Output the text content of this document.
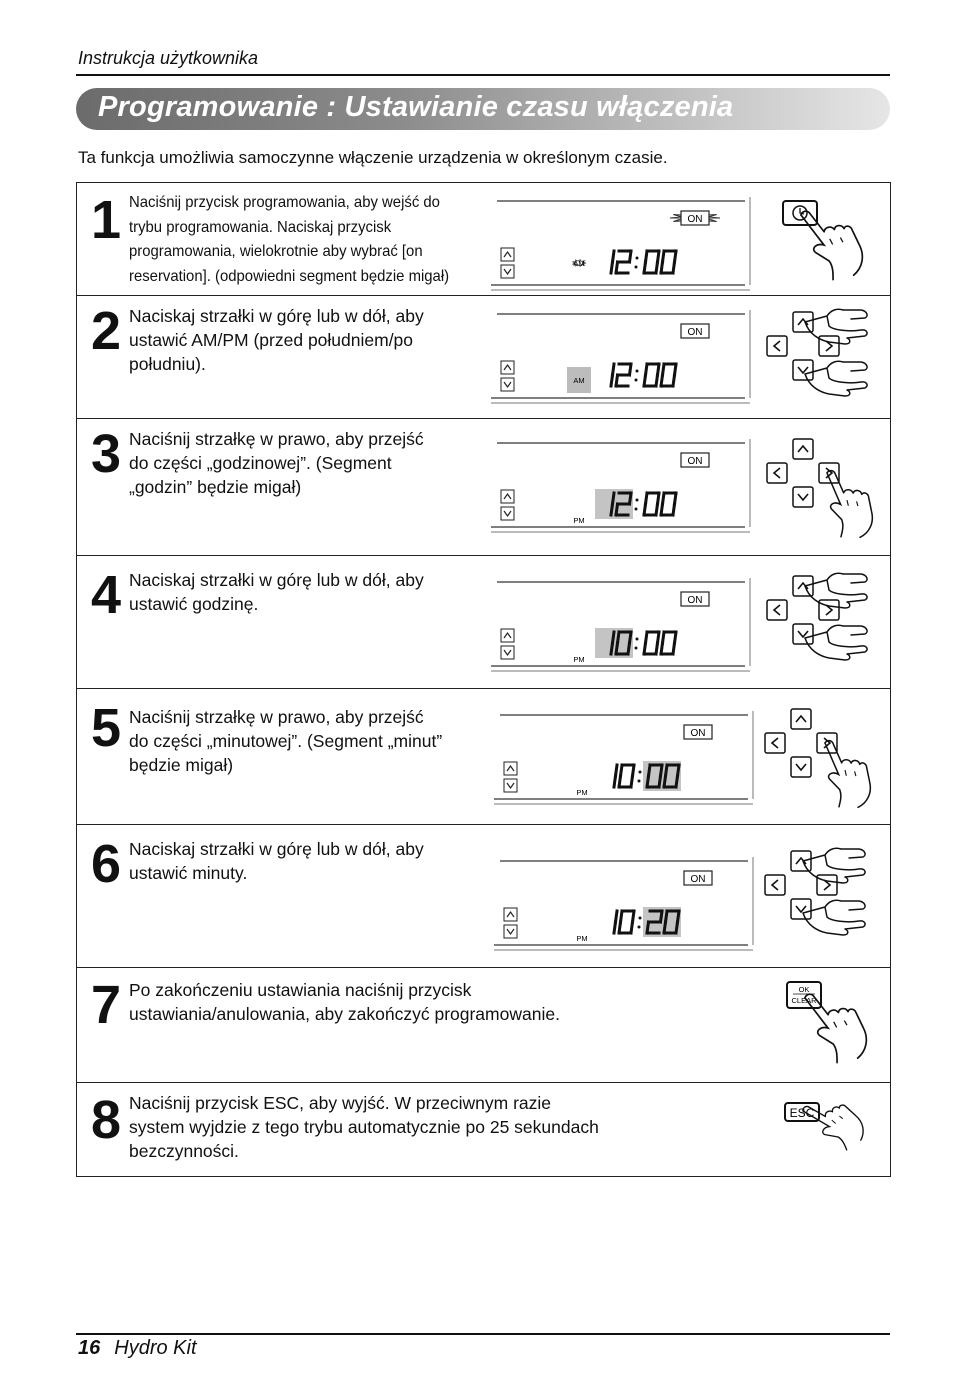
Instrukcja użytkownika
Programowanie : Ustawianie czasu włączenia
Ta funkcja umożliwia samoczynne włączenie urządzenia w określonym czasie.
1 Naciśnij przycisk programowania, aby wejść do
trybu programowania. Naciskaj przycisk
programowania, wielokrotnie aby wybrać [on
reservation]. (odpowiedni segment będzie migał)
ON
AM
2 Naciskaj strzałki w górę lub w dół, aby
ustawić AM/PM (przed południem/po
południu).
ON
AM
3 Naciśnij strzałkę w prawo, aby przejść
do części „godzinowej”. (Segment
„godzin” będzie migał)
ON
PM
4 Naciskaj strzałki w górę lub w dół, aby
ustawić godzinę.	ON
PM
5 Naciśnij strzałkę w prawo, aby przejść
do części „minutowej”. (Segment „minut”
będzie migał)
ON
PM
6 Naciskaj strzałki w górę lub w dół, aby
ustawić minuty.	ON
PM
7 Po zakończeniu ustawiania naciśnij przycisk
ustawiania/anulowania, aby zakończyć programowanie.
OK
CLEAR
8 Naciśnij przycisk ESC, aby wyjść. W przeciwnym razie
system wyjdzie z tego trybu automatycznie po 25 sekundach
bezczynności.
ESC
16 Hydro Kit
